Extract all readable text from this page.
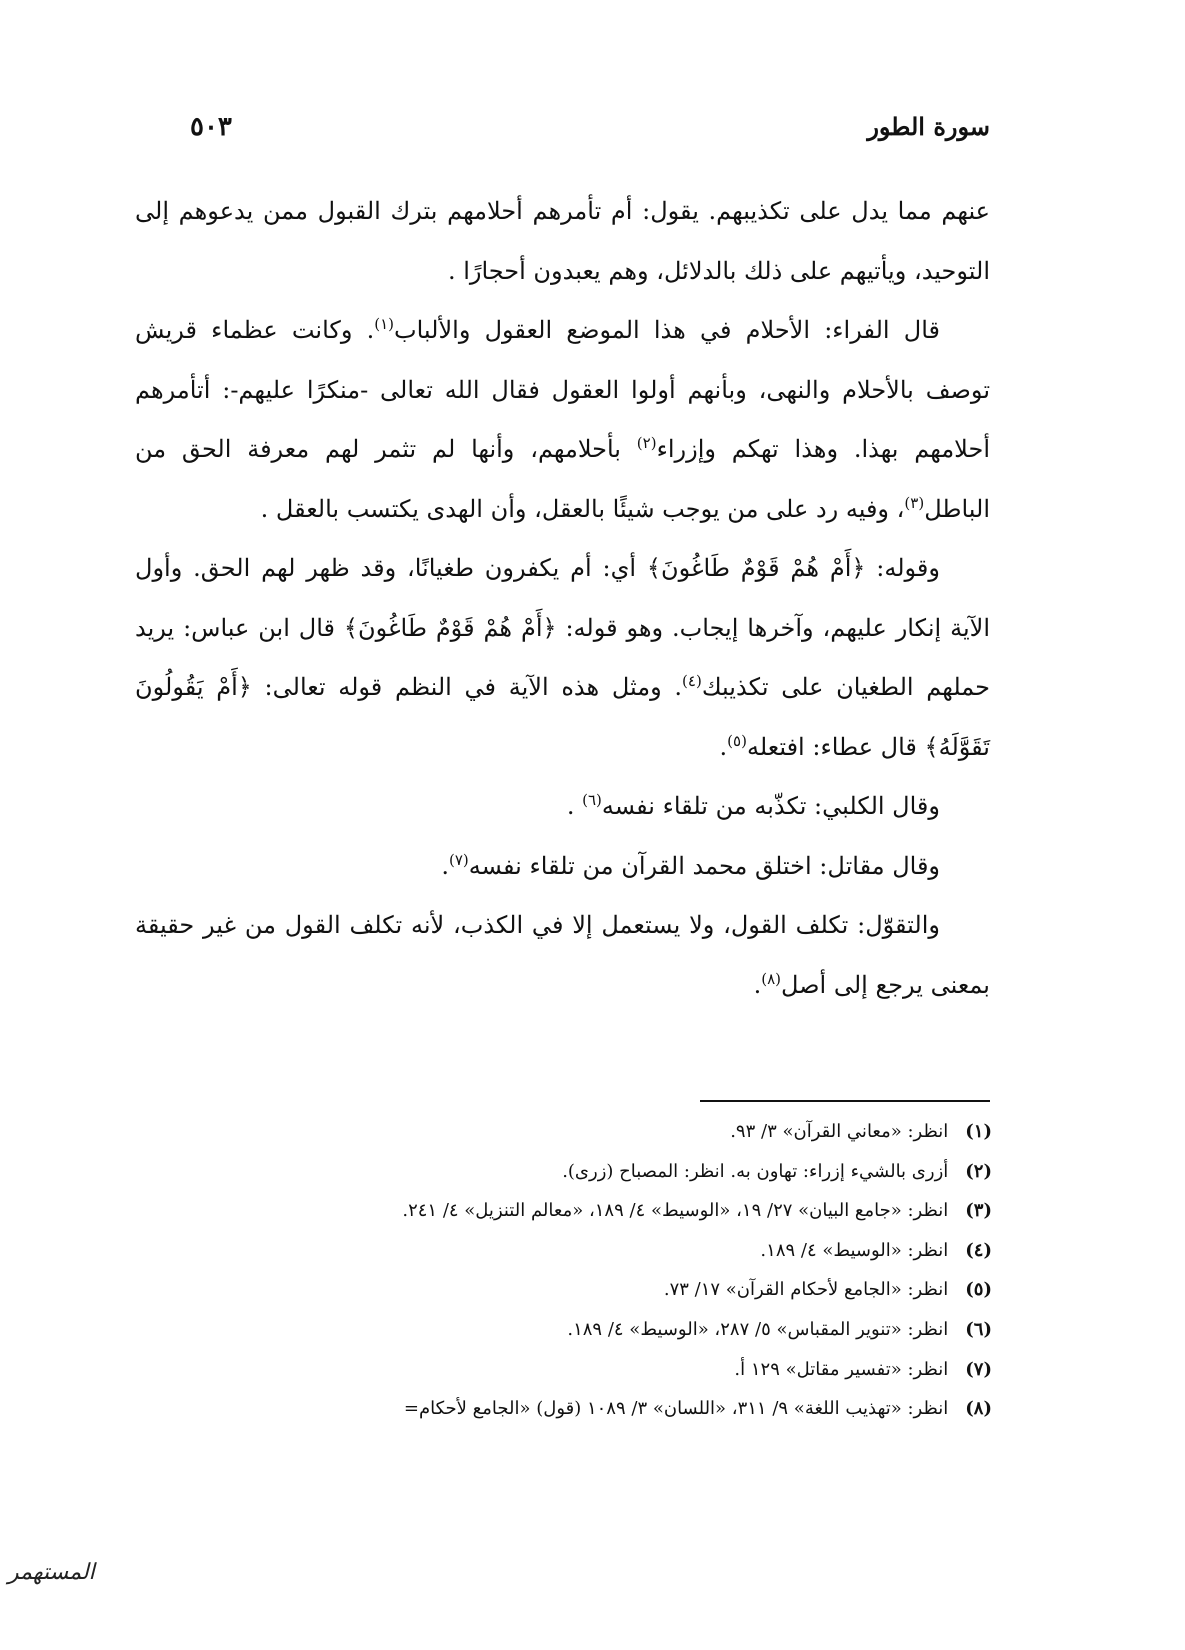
سورة الطور
٥٠٣

عنهم مما يدل على تكذيبهم. يقول: أم تأمرهم أحلامهم بترك القبول ممن يدعوهم إلى التوحيد، ويأتيهم على ذلك بالدلائل، وهم يعبدون أحجارًا .

قال الفراء: الأحلام في هذا الموضع العقول والألباب$^{(١)}$. وكانت عظماء قريش توصف بالأحلام والنهى، وبأنهم أولوا العقول فقال الله تعالى -منكرًا عليهم-: أتأمرهم أحلامهم بهذا. وهذا تهكم وإزراء$^{(٢)}$ بأحلامهم، وأنها لم تثمر لهم معرفة الحق من الباطل$^{(٣)}$، وفيه رد على من يوجب شيئًا بالعقل، وأن الهدى يكتسب بالعقل .

وقوله: ﴿أَمْ هُمْ قَوْمٌ طَاغُونَ﴾ أي: أم يكفرون طغيانًا، وقد ظهر لهم الحق. وأول الآية إنكار عليهم، وآخرها إيجاب. وهو قوله: ﴿أَمْ هُمْ قَوْمٌ طَاغُونَ﴾ قال ابن عباس: يريد حملهم الطغيان على تكذيبك$^{(٤)}$. ومثل هذه الآية في النظم قوله تعالى: ﴿أَمْ يَقُولُونَ تَقَوَّلَهُ﴾ قال عطاء: افتعله$^{(٥)}$.

وقال الكلبي: تكذّبه من تلقاء نفسه$^{(٦)}$ .

وقال مقاتل: اختلق محمد القرآن من تلقاء نفسه$^{(٧)}$.

والتقوّل: تكلف القول، ولا يستعمل إلا في الكذب، لأنه تكلف القول من غير حقيقة بمعنى يرجع إلى أصل$^{(٨)}$.

(١) انظر: «معاني القرآن» ٣/ ٩٣.
(٢) أزرى بالشيء إزراء: تهاون به. انظر: المصباح (زرى).
(٣) انظر: «جامع البيان» ٢٧/ ١٩، «الوسيط» ٤/ ١٨٩، «معالم التنزيل» ٤/ ٢٤١.
(٤) انظر: «الوسيط» ٤/ ١٨٩.
(٥) انظر: «الجامع لأحكام القرآن» ١٧/ ٧٣.
(٦) انظر: «تنوير المقباس» ٥/ ٢٨٧، «الوسيط» ٤/ ١٨٩.
(٧) انظر: «تفسير مقاتل» ١٢٩ أ.
(٨) انظر: «تهذيب اللغة» ٩/ ٣١١، «اللسان» ٣/ ١٠٨٩ (قول) «الجامع لأحكام=
المستهمر
